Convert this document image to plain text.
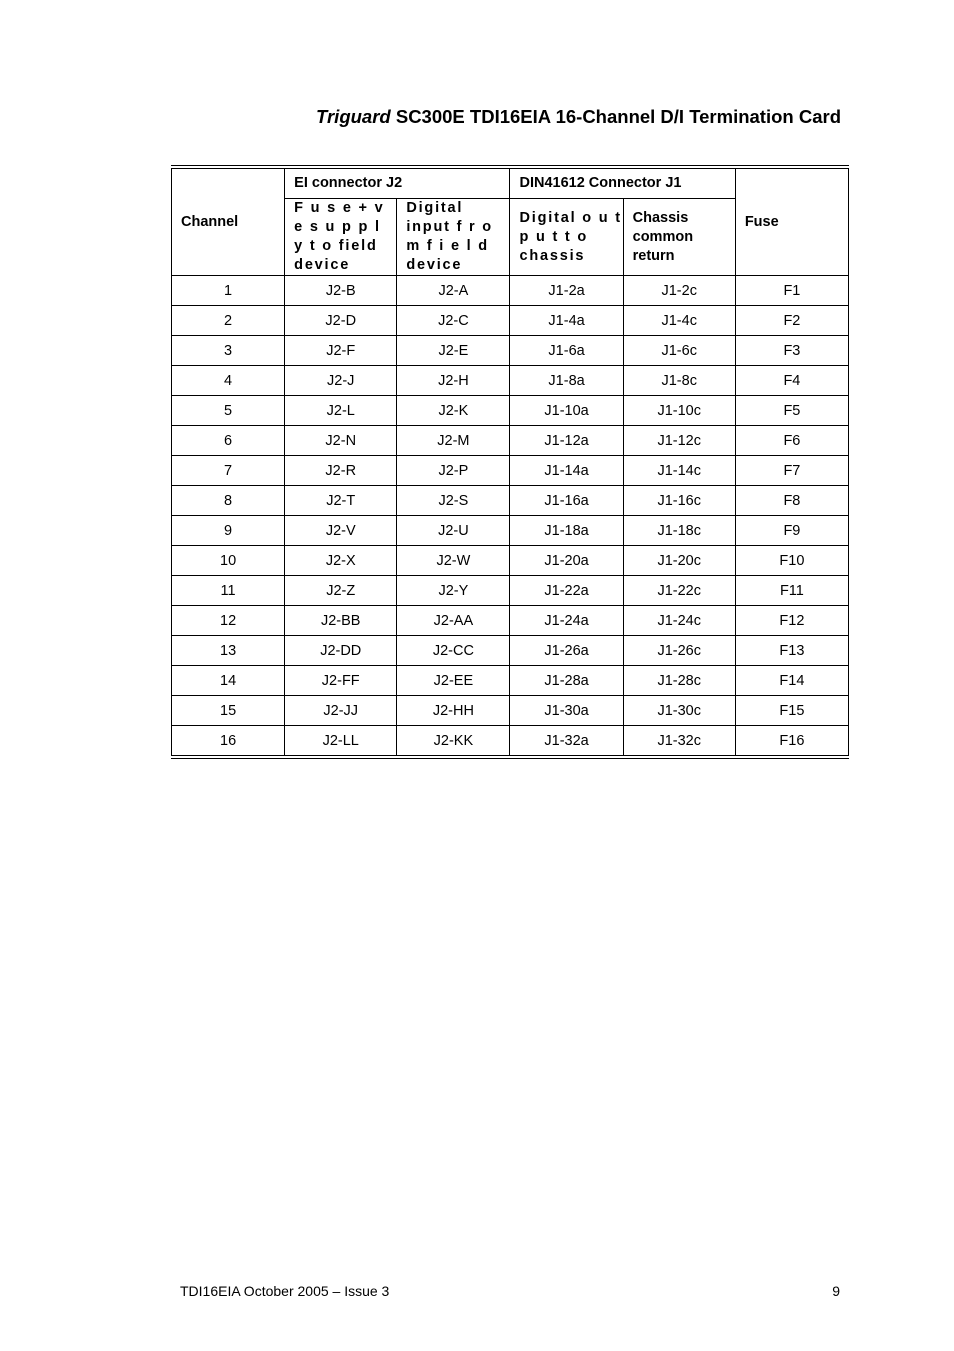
Triguard SC300E TDI16EIA 16-Channel D/I Termination Card
Channel	EI connector J2		DIN41612 Connector J1		Fuse
	F u s e + v e s u p p l y t o field device	Digital input f r o m f i e l d device	Digital o u t p u t t o chassis	Chassis common return	
1	J2-B	J2-A	J1-2a	J1-2c	F1
2	J2-D	J2-C	J1-4a	J1-4c	F2
3	J2-F	J2-E	J1-6a	J1-6c	F3
4	J2-J	J2-H	J1-8a	J1-8c	F4
5	J2-L	J2-K	J1-10a	J1-10c	F5
6	J2-N	J2-M	J1-12a	J1-12c	F6
7	J2-R	J2-P	J1-14a	J1-14c	F7
8	J2-T	J2-S	J1-16a	J1-16c	F8
9	J2-V	J2-U	J1-18a	J1-18c	F9
10	J2-X	J2-W	J1-20a	J1-20c	F10
11	J2-Z	J2-Y	J1-22a	J1-22c	F11
12	J2-BB	J2-AA	J1-24a	J1-24c	F12
13	J2-DD	J2-CC	J1-26a	J1-26c	F13
14	J2-FF	J2-EE	J1-28a	J1-28c	F14
15	J2-JJ	J2-HH	J1-30a	J1-30c	F15
16	J2-LL	J2-KK	J1-32a	J1-32c	F16
TDI16EIA October 2005 – Issue 3	9
